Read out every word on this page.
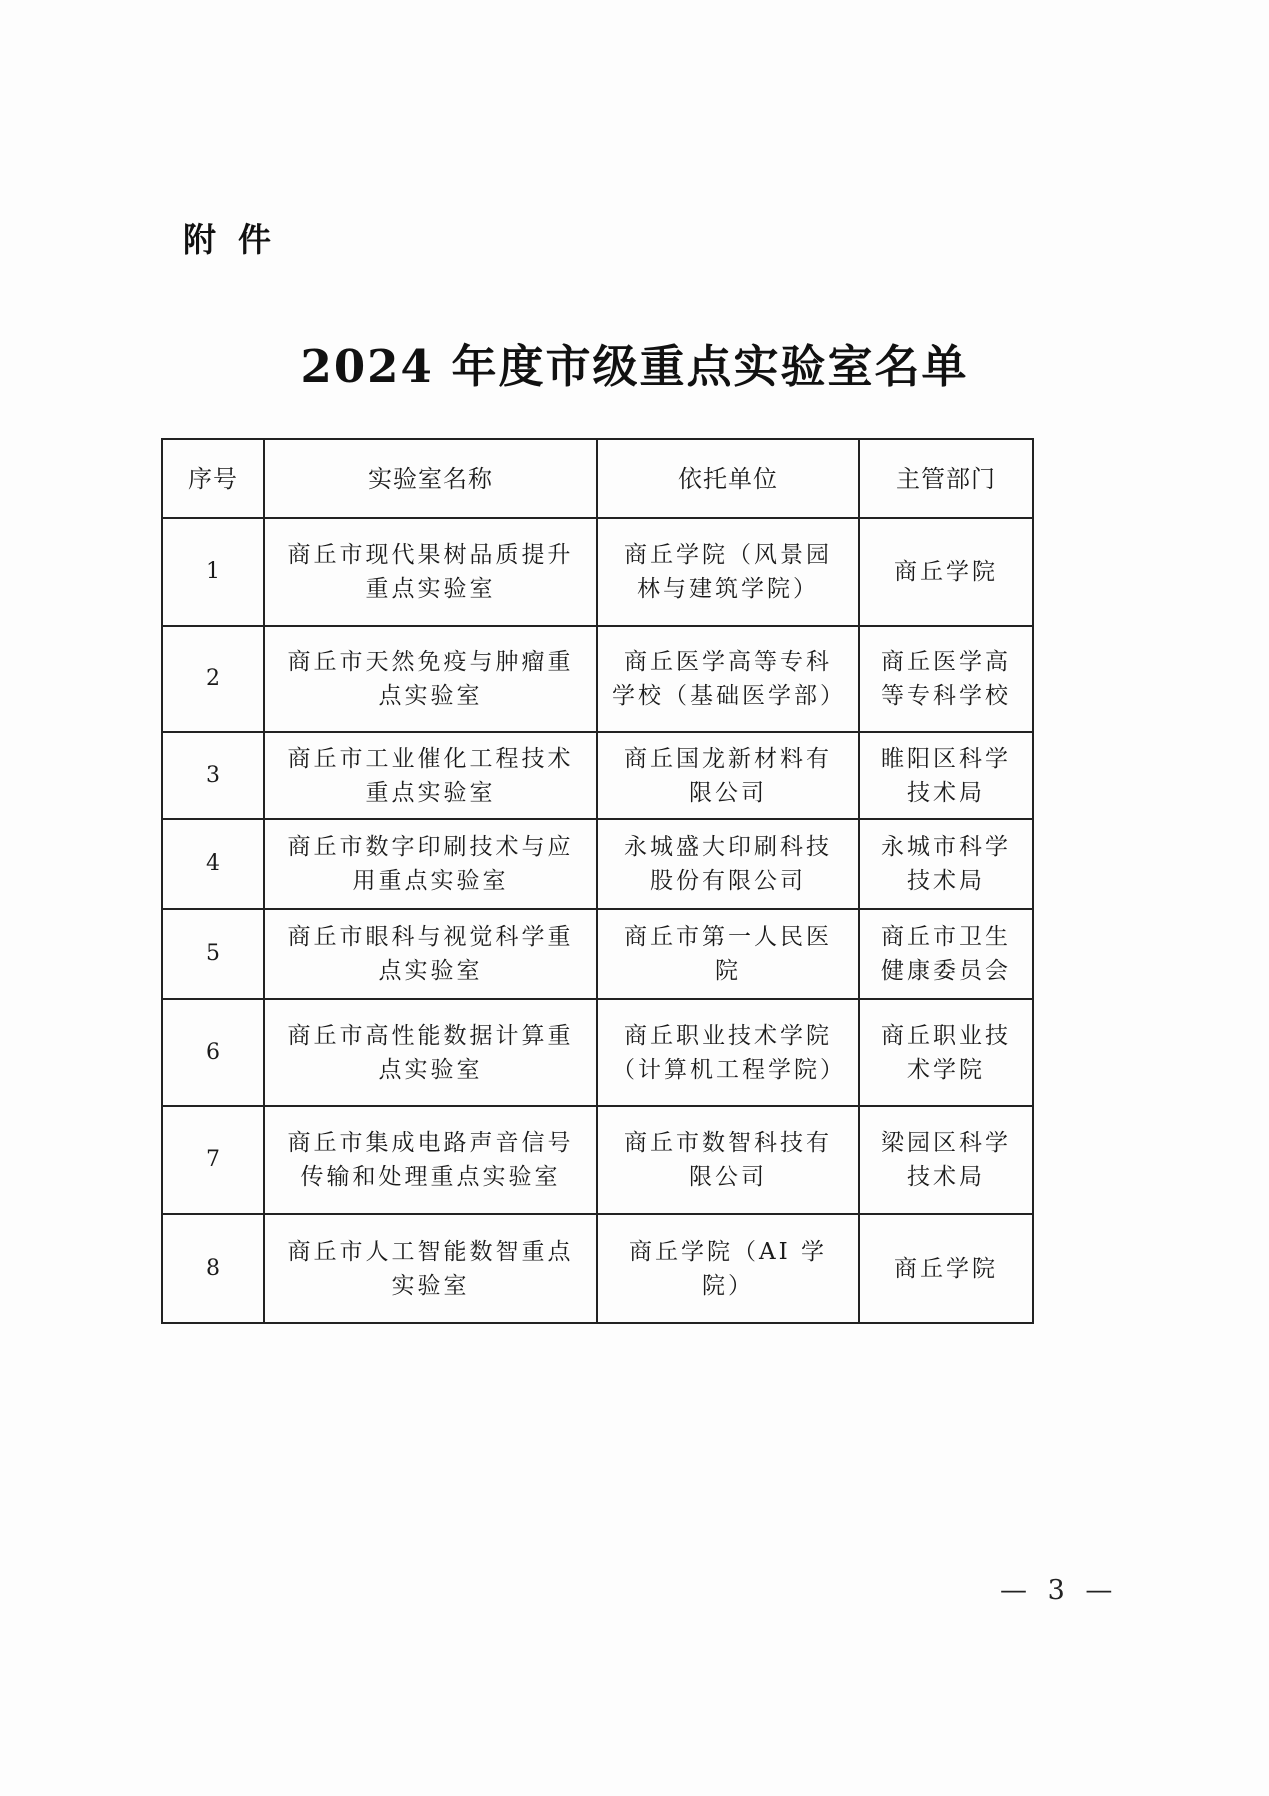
附件
2024 年度市级重点实验室名单
序号	实验室名称	依托单位	主管部门
1	商丘市现代果树品质提升重点实验室	商丘学院（风景园林与建筑学院）	商丘学院
2	商丘市天然免疫与肿瘤重点实验室	商丘医学高等专科学校（基础医学部）	商丘医学高等专科学校
3	商丘市工业催化工程技术重点实验室	商丘国龙新材料有限公司	睢阳区科学技术局
4	商丘市数字印刷技术与应用重点实验室	永城盛大印刷科技股份有限公司	永城市科学技术局
5	商丘市眼科与视觉科学重点实验室	商丘市第一人民医院	商丘市卫生健康委员会
6	商丘市高性能数据计算重点实验室	商丘职业技术学院（计算机工程学院）	商丘职业技术学院
7	商丘市集成电路声音信号传输和处理重点实验室	商丘市数智科技有限公司	梁园区科学技术局
8	商丘市人工智能数智重点实验室	商丘学院（AI 学院）	商丘学院
— 3 —
